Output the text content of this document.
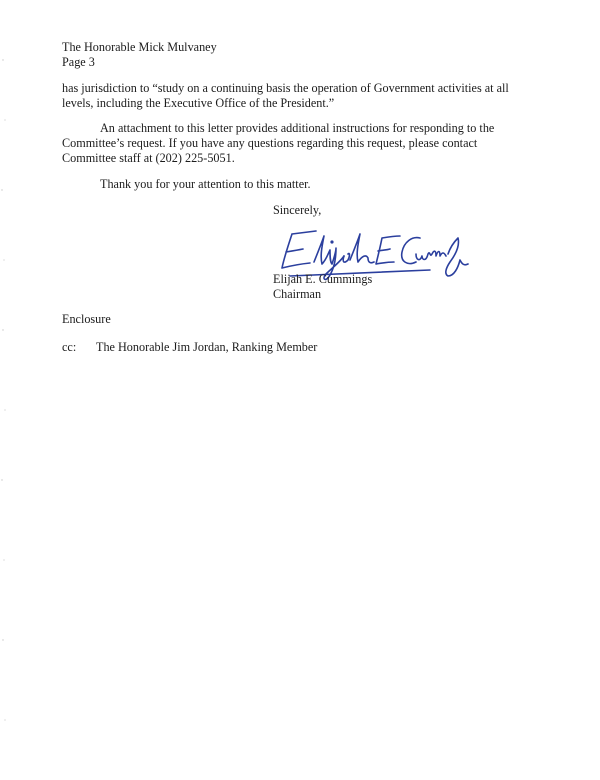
The Honorable Mick Mulvaney
Page 3
has jurisdiction to “study on a continuing basis the operation of Government activities at all
levels, including the Executive Office of the President.”
An attachment to this letter provides additional instructions for responding to the
Committee’s request. If you have any questions regarding this request, please contact
Committee staff at (202) 225-5051.
Thank you for your attention to this matter.
Sincerely,
Elijah E. Cummings
Chairman
Enclosure
cc: The Honorable Jim Jordan, Ranking Member
